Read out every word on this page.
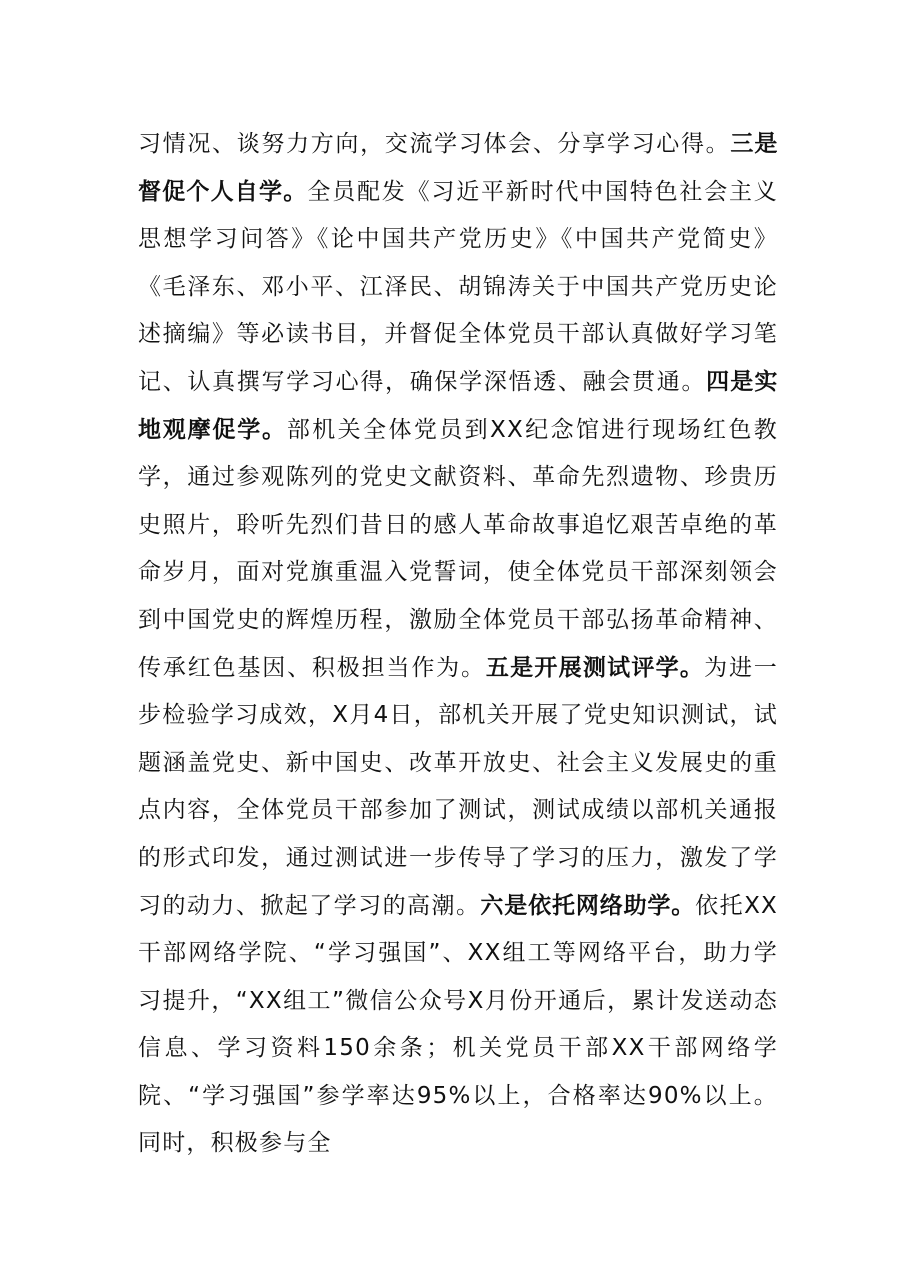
习情况、谈努力方向，交流学习体会、分享学习心得。三是督促个人自学。全员配发《习近平新时代中国特色社会主义思想学习问答》《论中国共产党历史》《中国共产党简史》《毛泽东、邓小平、江泽民、胡锦涛关于中国共产党历史论述摘编》等必读书目，并督促全体党员干部认真做好学习笔记、认真撰写学习心得，确保学深悟透、融会贯通。四是实地观摩促学。部机关全体党员到XX纪念馆进行现场红色教学，通过参观陈列的党史文献资料、革命先烈遗物、珍贵历史照片，聆听先烈们昔日的感人革命故事追忆艰苦卓绝的革命岁月，面对党旗重温入党誓词，使全体党员干部深刻领会到中国党史的辉煌历程，激励全体党员干部弘扬革命精神、传承红色基因、积极担当作为。五是开展测试评学。为进一步检验学习成效，X月4日，部机关开展了党史知识测试，试题涵盖党史、新中国史、改革开放史、社会主义发展史的重点内容，全体党员干部参加了测试，测试成绩以部机关通报的形式印发，通过测试进一步传导了学习的压力，激发了学习的动力、掀起了学习的高潮。六是依托网络助学。依托XX干部网络学院、“学习强国”、XX组工等网络平台，助力学习提升，“XX组工”微信公众号X月份开通后，累计发送动态信息、学习资料150余条；机关党员干部XX干部网络学院、“学习强国”参学率达95%以上，合格率达90%以上。同时，积极参与全
